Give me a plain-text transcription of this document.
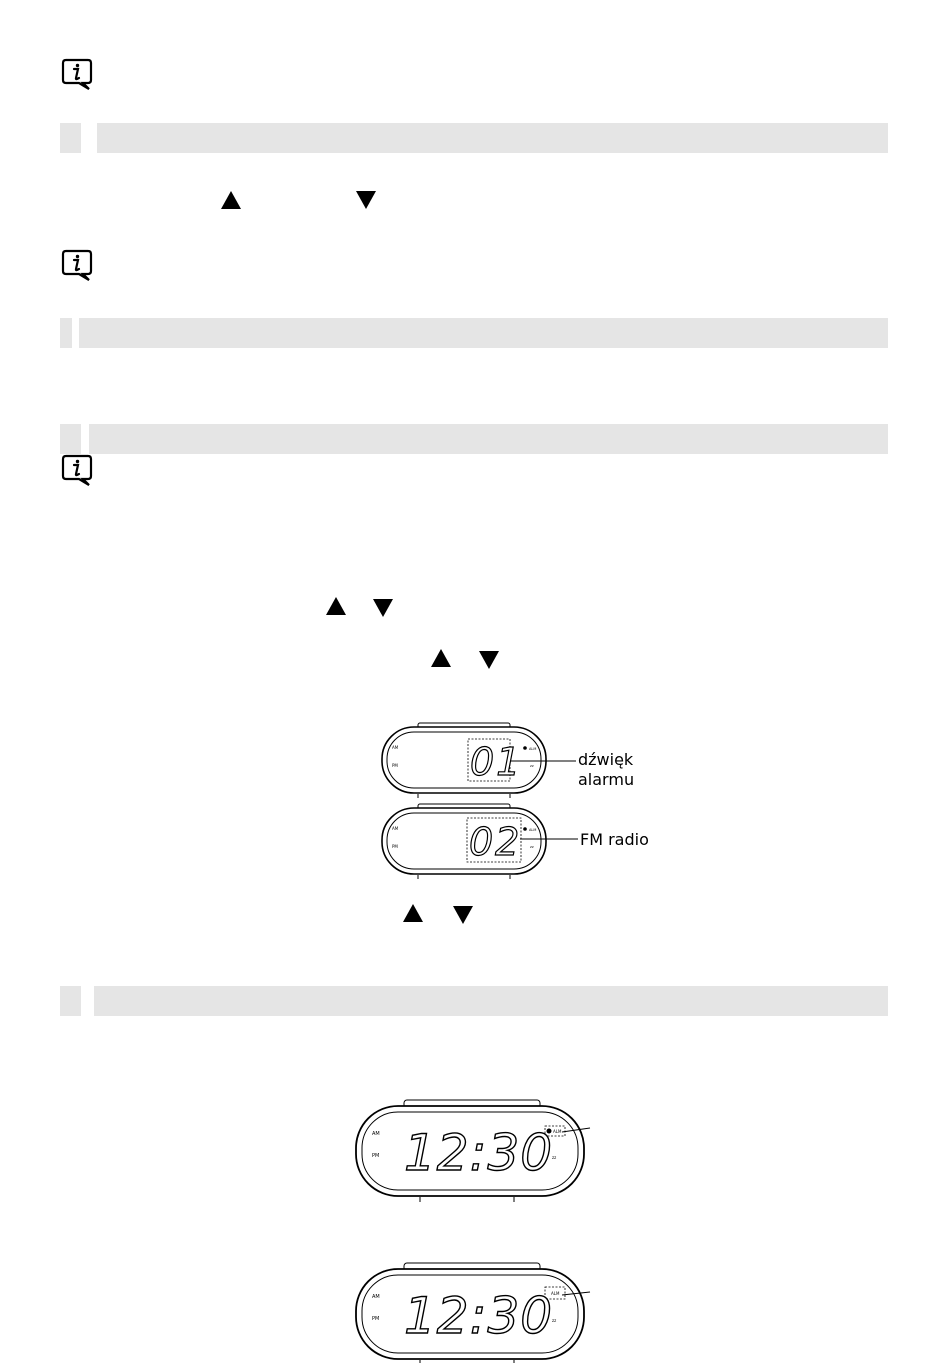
AM
PM
ALM
zz
01	dźwięk
alarmu
AM
PM
ALM
zz
02	FM radio
AM
PM
ALM
zz
12:30
AM
PM
ALM
zz
12:30
